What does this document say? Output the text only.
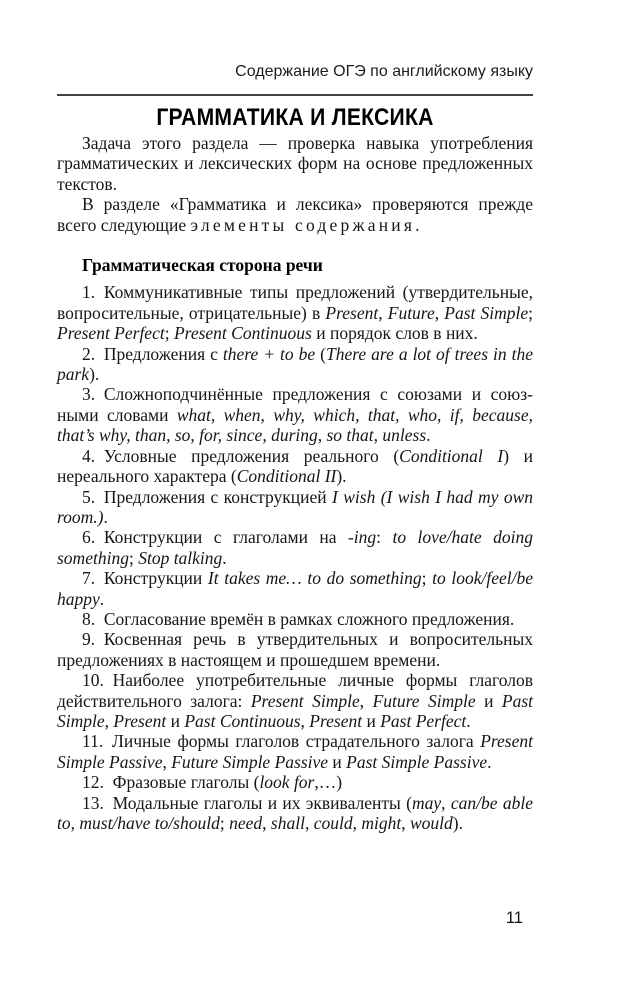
Содержание ОГЭ по английскому языку
ГРАММАТИКА И ЛЕКСИКА

Задача этого раздела — проверка навыка употребления грамматических и лексических форм на основе предложенных текстов.

В разделе «Грамматика и лексика» проверяются прежде всего следующие элементы содержания.

Грамматическая сторона речи

1. Коммуникативные типы предложений (утвердительные, вопросительные, отрицательные) в Present, Future, Past Simple; Present Perfect; Present Continuous и порядок слов в них.

2. Предложения с there + to be (There are a lot of trees in the park).

3. Сложноподчинённые предложения с союзами и союзными словами what, when, why, which, that, who, if, because, that’s why, than, so, for, since, during, so that, unless.

4. Условные предложения реального (Conditional I) и нереального характера (Conditional II).

5. Предложения с конструкцией I wish (I wish I had my own room.).

6. Конструкции с глаголами на -ing: to love/hate doing something; Stop talking.

7. Конструкции It takes me… to do something; to look/feel/be happy.

8. Согласование времён в рамках сложного предложения.

9. Косвенная речь в утвердительных и вопросительных предложениях в настоящем и прошедшем времени.

10. Наиболее употребительные личные формы глаголов действительного залога: Present Simple, Future Simple и Past Simple, Present и Past Continuous, Present и Past Perfect.

11. Личные формы глаголов страдательного залога Present Simple Passive, Future Simple Passive и Past Simple Passive.

12. Фразовые глаголы (look for,…)

13. Модальные глаголы и их эквиваленты (may, can/be able to, must/have to/should; need, shall, could, might, would).

11
